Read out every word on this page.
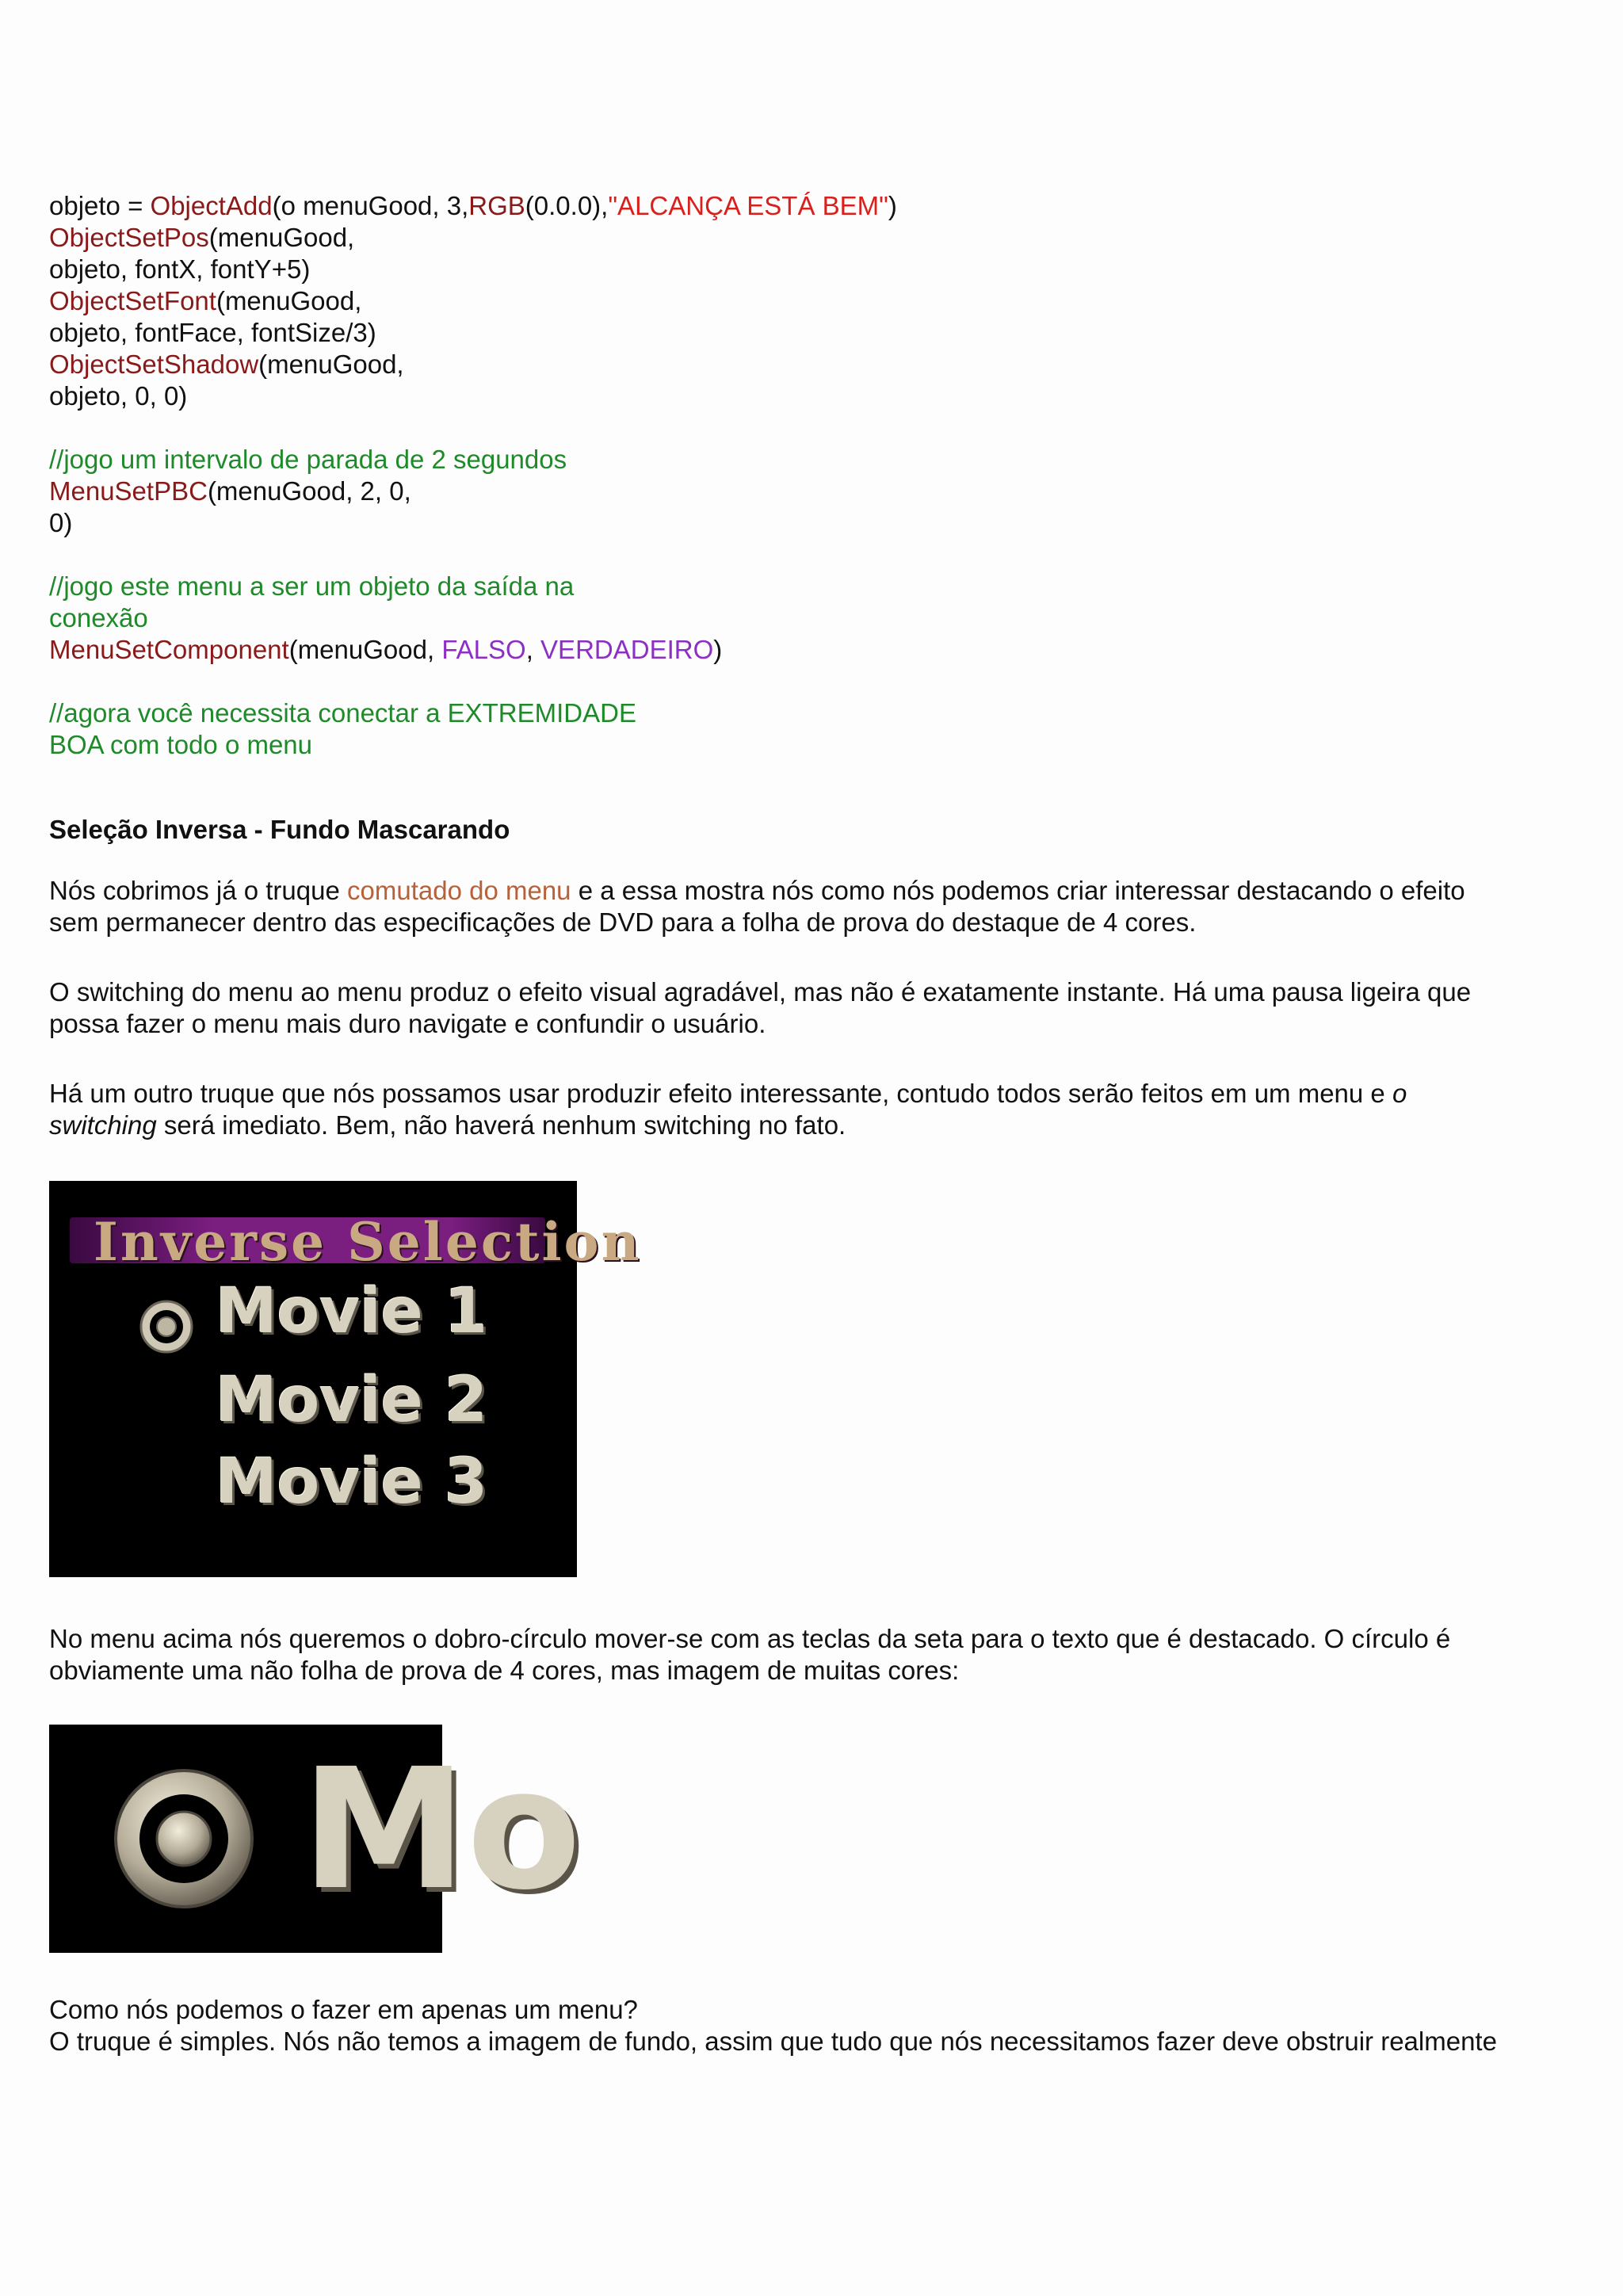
objeto = ObjectAdd(o menuGood, 3,RGB(0.0.0),"ALCANÇA ESTÁ BEM")
ObjectSetPos(menuGood,
objeto, fontX, fontY+5)
ObjectSetFont(menuGood,
objeto, fontFace, fontSize/3)
ObjectSetShadow(menuGood,
objeto, 0, 0)
//jogo um intervalo de parada de 2 segundos
MenuSetPBC(menuGood, 2, 0,
0)
//jogo este menu a ser um objeto da saída na
conexão
MenuSetComponent(menuGood, FALSO, VERDADEIRO)
//agora você necessita conectar a EXTREMIDADE
BOA com todo o menu

Seleção Inversa - Fundo Mascarando

Nós cobrimos já o truque comutado do menu e a essa mostra nós como nós podemos criar interessar destacando o efeito
sem permanecer dentro das especificações de DVD para a folha de prova do destaque de 4 cores.

O switching do menu ao menu produz o efeito visual agradável, mas não é exatamente instante. Há uma pausa ligeira que
possa fazer o menu mais duro navigate e confundir o usuário.

Há um outro truque que nós possamos usar produzir efeito interessante, contudo todos serão feitos em um menu e o
switching será imediato. Bem, não haverá nenhum switching no fato.

Inverse Selection
Movie 1
Movie 2
Movie 3

No menu acima nós queremos o dobro-círculo mover-se com as teclas da seta para o texto que é destacado. O círculo é
obviamente uma não folha de prova de 4 cores, mas imagem de muitas cores:

Mo

Como nós podemos o fazer em apenas um menu?
O truque é simples. Nós não temos a imagem de fundo, assim que tudo que nós necessitamos fazer deve obstruir realmente
